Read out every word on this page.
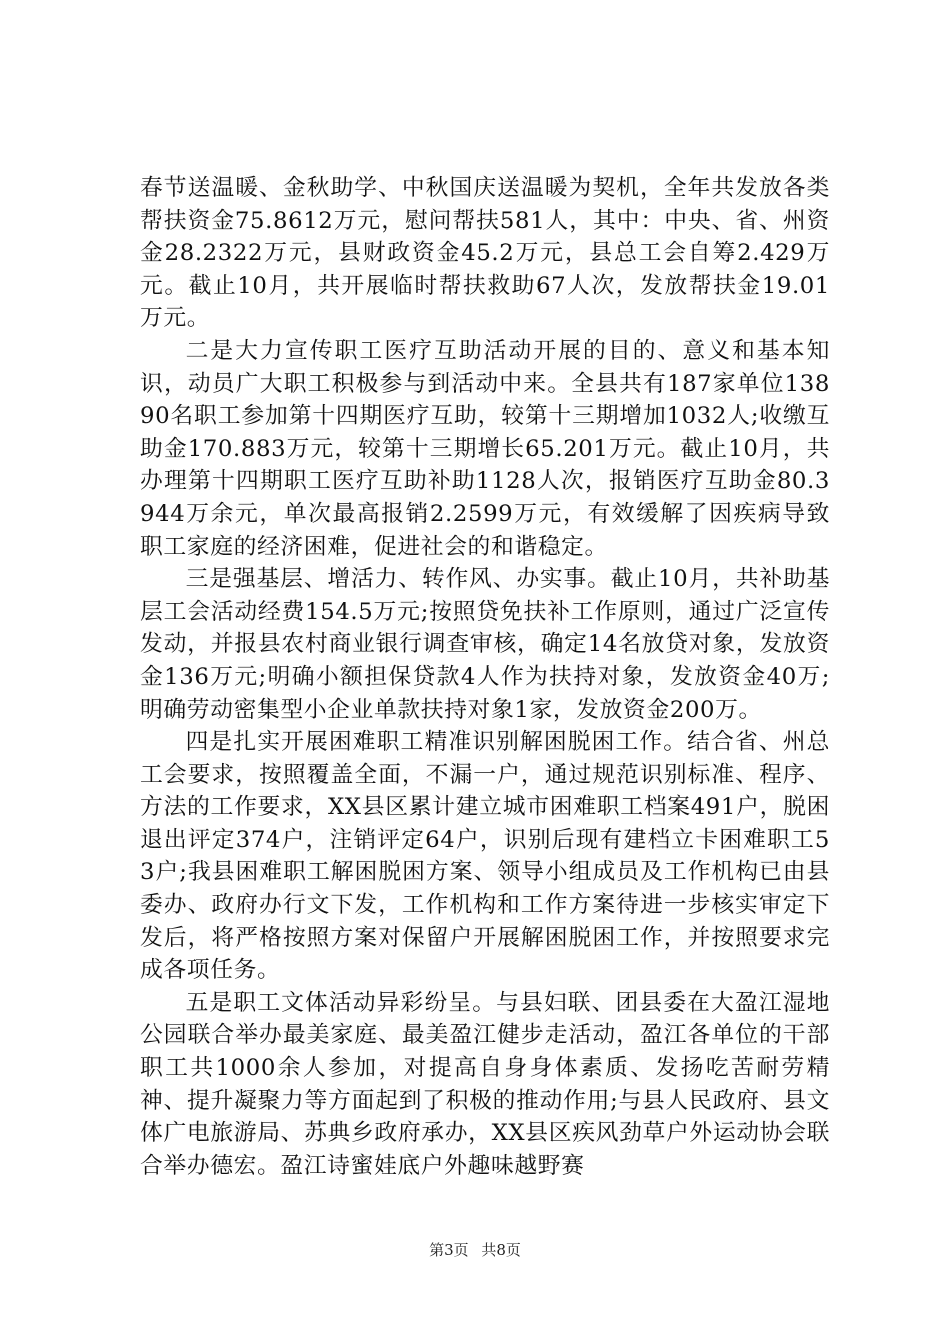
春节送温暖、金秋助学、中秋国庆送温暖为契机，全年共发放各类帮扶资金75.8612万元，慰问帮扶581人，其中：中央、省、州资金28.2322万元，县财政资金45.2万元，县总工会自筹2.429万元。截止10月，共开展临时帮扶救助67人次，发放帮扶金19.01万元。

二是大力宣传职工医疗互助活动开展的目的、意义和基本知识，动员广大职工积极参与到活动中来。全县共有187家单位13890名职工参加第十四期医疗互助，较第十三期增加1032人;收缴互助金170.883万元，较第十三期增长65.201万元。截止10月，共办理第十四期职工医疗互助补助1128人次，报销医疗互助金80.3944万余元，单次最高报销2.2599万元，有效缓解了因疾病导致职工家庭的经济困难，促进社会的和谐稳定。

三是强基层、增活力、转作风、办实事。截止10月，共补助基层工会活动经费154.5万元;按照贷免扶补工作原则，通过广泛宣传发动，并报县农村商业银行调查审核，确定14名放贷对象，发放资金136万元;明确小额担保贷款4人作为扶持对象，发放资金40万;明确劳动密集型小企业单款扶持对象1家，发放资金200万。

四是扎实开展困难职工精准识别解困脱困工作。结合省、州总工会要求，按照覆盖全面，不漏一户，通过规范识别标准、程序、方法的工作要求，XX县区累计建立城市困难职工档案491户，脱困退出评定374户，注销评定64户，识别后现有建档立卡困难职工53户;我县困难职工解困脱困方案、领导小组成员及工作机构已由县委办、政府办行文下发，工作机构和工作方案待进一步核实审定下发后，将严格按照方案对保留户开展解困脱困工作，并按照要求完成各项任务。

五是职工文体活动异彩纷呈。与县妇联、团县委在大盈江湿地公园联合举办最美家庭、最美盈江健步走活动，盈江各单位的干部职工共1000余人参加，对提高自身身体素质、发扬吃苦耐劳精神、提升凝聚力等方面起到了积极的推动作用;与县人民政府、县文体广电旅游局、苏典乡政府承办，XX县区疾风劲草户外运动协会联合举办德宏。盈江诗蜜娃底户外趣味越野赛

第3页 共8页
